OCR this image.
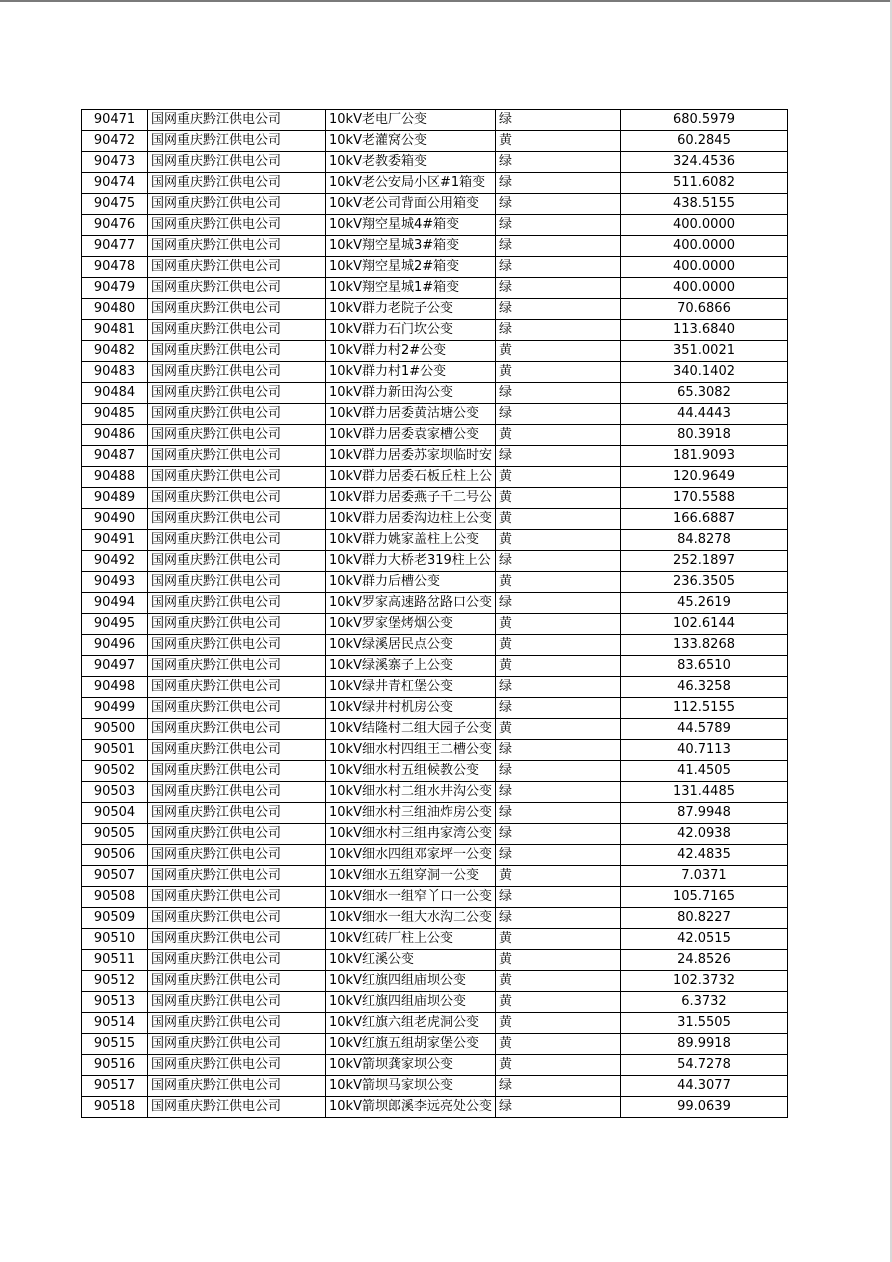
90471	国网重庆黔江供电公司	10kV老电厂公变	绿	680.5979
90472	国网重庆黔江供电公司	10kV老灌窝公变	黄	60.2845
90473	国网重庆黔江供电公司	10kV老教委箱变	绿	324.4536
90474	国网重庆黔江供电公司	10kV老公安局小区#1箱变	绿	511.6082
90475	国网重庆黔江供电公司	10kV老公司背面公用箱变	绿	438.5155
90476	国网重庆黔江供电公司	10kV翔空星城4#箱变	绿	400.0000
90477	国网重庆黔江供电公司	10kV翔空星城3#箱变	绿	400.0000
90478	国网重庆黔江供电公司	10kV翔空星城2#箱变	绿	400.0000
90479	国网重庆黔江供电公司	10kV翔空星城1#箱变	绿	400.0000
90480	国网重庆黔江供电公司	10kV群力老院子公变	绿	70.6866
90481	国网重庆黔江供电公司	10kV群力石门坎公变	绿	113.6840
90482	国网重庆黔江供电公司	10kV群力村2#公变	黄	351.0021
90483	国网重庆黔江供电公司	10kV群力村1#公变	黄	340.1402
90484	国网重庆黔江供电公司	10kV群力新田沟公变	绿	65.3082
90485	国网重庆黔江供电公司	10kV群力居委黄沽塘公变	绿	44.4443
90486	国网重庆黔江供电公司	10kV群力居委袁家槽公变	黄	80.3918
90487	国网重庆黔江供电公司	10kV群力居委苏家坝临时安	绿	181.9093
90488	国网重庆黔江供电公司	10kV群力居委石板丘柱上公	黄	120.9649
90489	国网重庆黔江供电公司	10kV群力居委燕子千二号公	黄	170.5588
90490	国网重庆黔江供电公司	10kV群力居委沟边柱上公变	黄	166.6887
90491	国网重庆黔江供电公司	10kV群力姚家盖柱上公变	黄	84.8278
90492	国网重庆黔江供电公司	10kV群力大桥老319柱上公	绿	252.1897
90493	国网重庆黔江供电公司	10kV群力后槽公变	黄	236.3505
90494	国网重庆黔江供电公司	10kV罗家高速路岔路口公变	绿	45.2619
90495	国网重庆黔江供电公司	10kV罗家堡烤烟公变	黄	102.6144
90496	国网重庆黔江供电公司	10kV绿溪居民点公变	黄	133.8268
90497	国网重庆黔江供电公司	10kV绿溪寨子上公变	黄	83.6510
90498	国网重庆黔江供电公司	10kV绿井青杠堡公变	绿	46.3258
90499	国网重庆黔江供电公司	10kV绿井村机房公变	绿	112.5155
90500	国网重庆黔江供电公司	10kV结隆村二组大园子公变	黄	44.5789
90501	国网重庆黔江供电公司	10kV细水村四组王二槽公变	绿	40.7113
90502	国网重庆黔江供电公司	10kV细水村五组候教公变	绿	41.4505
90503	国网重庆黔江供电公司	10kV细水村二组水井沟公变	绿	131.4485
90504	国网重庆黔江供电公司	10kV细水村三组油炸房公变	绿	87.9948
90505	国网重庆黔江供电公司	10kV细水村三组冉家湾公变	绿	42.0938
90506	国网重庆黔江供电公司	10kV细水四组邓家坪一公变	绿	42.4835
90507	国网重庆黔江供电公司	10kV细水五组穿洞一公变	黄	7.0371
90508	国网重庆黔江供电公司	10kV细水一组窄丫口一公变	绿	105.7165
90509	国网重庆黔江供电公司	10kV细水一组大水沟二公变	绿	80.8227
90510	国网重庆黔江供电公司	10kV红砖厂柱上公变	黄	42.0515
90511	国网重庆黔江供电公司	10kV红溪公变	黄	24.8526
90512	国网重庆黔江供电公司	10kV红旗四组庙坝公变	黄	102.3732
90513	国网重庆黔江供电公司	10kV红旗四组庙坝公变	黄	6.3732
90514	国网重庆黔江供电公司	10kV红旗六组老虎洞公变	黄	31.5505
90515	国网重庆黔江供电公司	10kV红旗五组胡家堡公变	黄	89.9918
90516	国网重庆黔江供电公司	10kV箭坝龚家坝公变	黄	54.7278
90517	国网重庆黔江供电公司	10kV箭坝马家坝公变	绿	44.3077
90518	国网重庆黔江供电公司	10kV箭坝郎溪李远亮处公变	绿	99.0639
